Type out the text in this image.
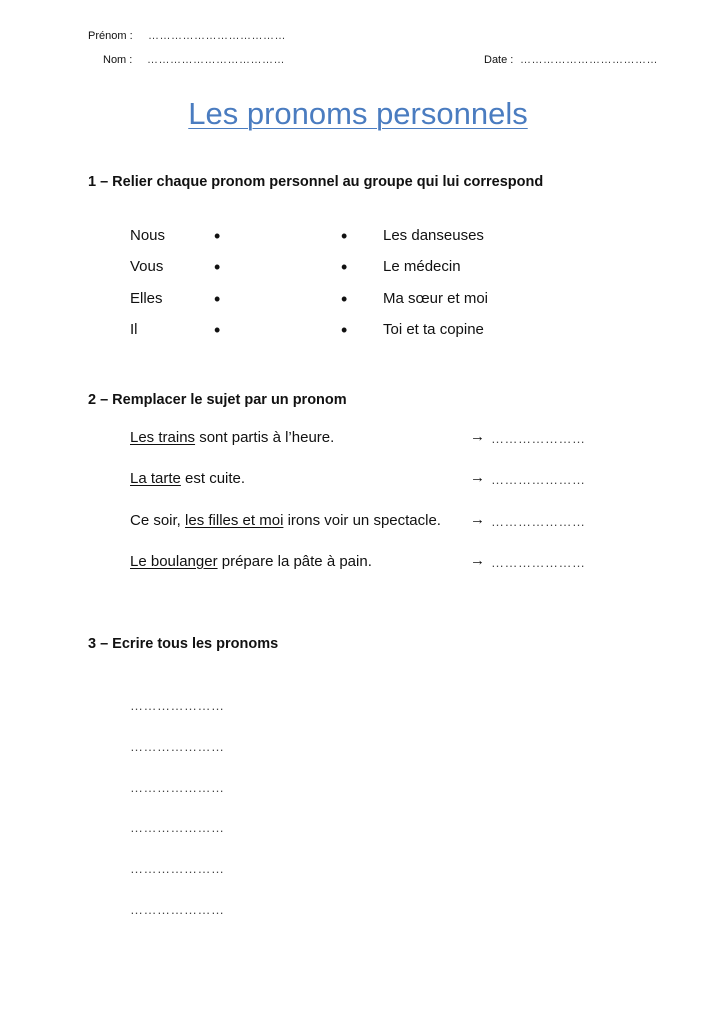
Prénom : ………………………………
Nom : ………………………………	Date : ………………………………
Les pronoms personnels
1 – Relier chaque pronom personnel au groupe qui lui correspond
Nous
Vous
Elles
Il
•
•
•
•
•
•
•
•
Les danseuses
Le médecin
Ma sœur et moi
Toi et ta copine
2 – Remplacer le sujet par un pronom
Les trains sont partis à l’heure.
La tarte est cuite.
Ce soir, les filles et moi irons voir un spectacle.
Le boulanger prépare la pâte à pain.
→
→
→
→
…………………
…………………
…………………
…………………
3 – Ecrire tous les pronoms
…………………
…………………
…………………
…………………
…………………
…………………
